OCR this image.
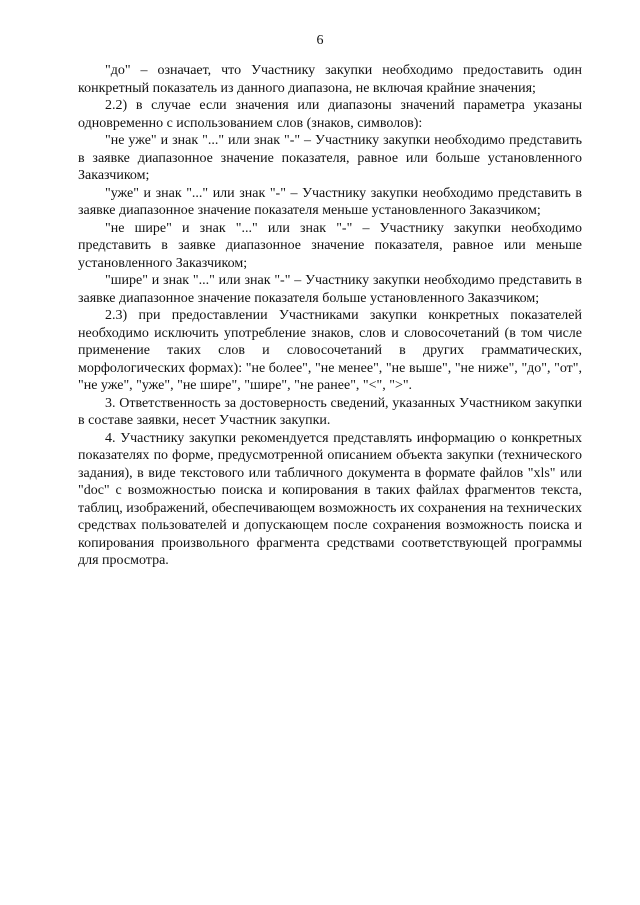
6

"до" – означает, что Участнику закупки необходимо предоставить один конкретный показатель из данного диапазона, не включая крайние значения;

2.2) в случае если значения или диапазоны значений параметра указаны одновременно с использованием слов (знаков, символов):

"не уже" и знак "..." или знак "-" – Участнику закупки необходимо представить в заявке диапазонное значение показателя, равное или больше установленного Заказчиком;

"уже" и знак "..." или знак "-" – Участнику закупки необходимо представить в заявке диапазонное значение показателя меньше установленного Заказчиком;

"не шире" и знак "..." или знак "-" – Участнику закупки необходимо представить в заявке диапазонное значение показателя, равное или меньше установленного Заказчиком;

"шире" и знак "..." или знак "-" – Участнику закупки необходимо представить в заявке диапазонное значение показателя больше установленного Заказчиком;

2.3) при предоставлении Участниками закупки конкретных показателей необходимо исключить употребление знаков, слов и словосочетаний (в том числе применение таких слов и словосочетаний в других грамматических, морфологических формах): "не более", "не менее", "не выше", "не ниже", "до", "от", "не уже", "уже", "не шире", "шире", "не ранее", "<", ">".

3. Ответственность за достоверность сведений, указанных Участником закупки в составе заявки, несет Участник закупки.

4. Участнику закупки рекомендуется представлять информацию о конкретных показателях по форме, предусмотренной описанием объекта закупки (технического задания), в виде текстового или табличного документа в формате файлов "xls" или "doc" с возможностью поиска и копирования в таких файлах фрагментов текста, таблиц, изображений, обеспечивающем возможность их сохранения на технических средствах пользователей и допускающем после сохранения возможность поиска и копирования произвольного фрагмента средствами соответствующей программы для просмотра.
